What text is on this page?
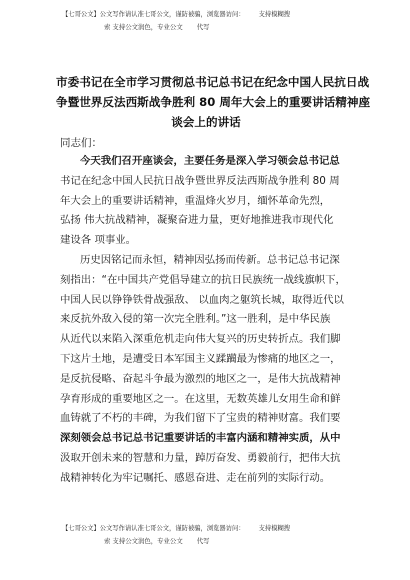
【七哥公文】公文写作请认准七哥公文，谨防被骗，浏览器访问： 支持模糊搜
索 支持公文润色，专业公文 代写
市委书记在全市学习贯彻总书记总书记在纪念中国人民抗日战
争暨世界反法西斯战争胜利 80 周年大会上的重要讲话精神座
谈会上的讲话
同志们：

今天我们召开座谈会，主要任务是深入学习领会总书记总
书记在纪念中国人民抗日战争暨世界反法西斯战争胜利 80 周
年大会上的重要讲话精神，重温烽火岁月，缅怀革命先烈，
弘扬 伟大抗战精神，凝聚奋进力量，更好地推进我市现代化
建设各 项事业。

历史因铭记而永恒，精神因弘扬而传新。总书记总书记深
刻指出：“在中国共产党倡导建立的抗日民族统一战线旗帜下，
中国人民以铮铮铁骨战强敌、 以血肉之躯筑长城，取得近代以
来反抗外敌入侵的第一次完全胜利。”这一胜利，是中华民族
从近代以来陷入深重危机走向伟大复兴的历史转折点。我们脚
下这片土地，是遭受日本军国主义蹂躏最为惨痛的地区之一，
是反抗侵略、奋起斗争最为激烈的地区之一，是伟大抗战精神
孕育形成的重要地区之一。在这里，无数英雄儿女用生命和鲜
血铸就了不朽的丰碑，为我们留下了宝贵的精神财富。我们要
深刻领会总书记总书记重要讲话的丰富内涵和精神实质，从中
汲取开创未来的智慧和力量，踔厉奋发、勇毅前行，把伟大抗
战精神转化为牢记嘱托、感恩奋进、走在前列的实际行动。

【七哥公文】公文写作请认准七哥公文，谨防被骗，浏览器访问： 支持模糊搜
索 支持公文润色，专业公文 代写
